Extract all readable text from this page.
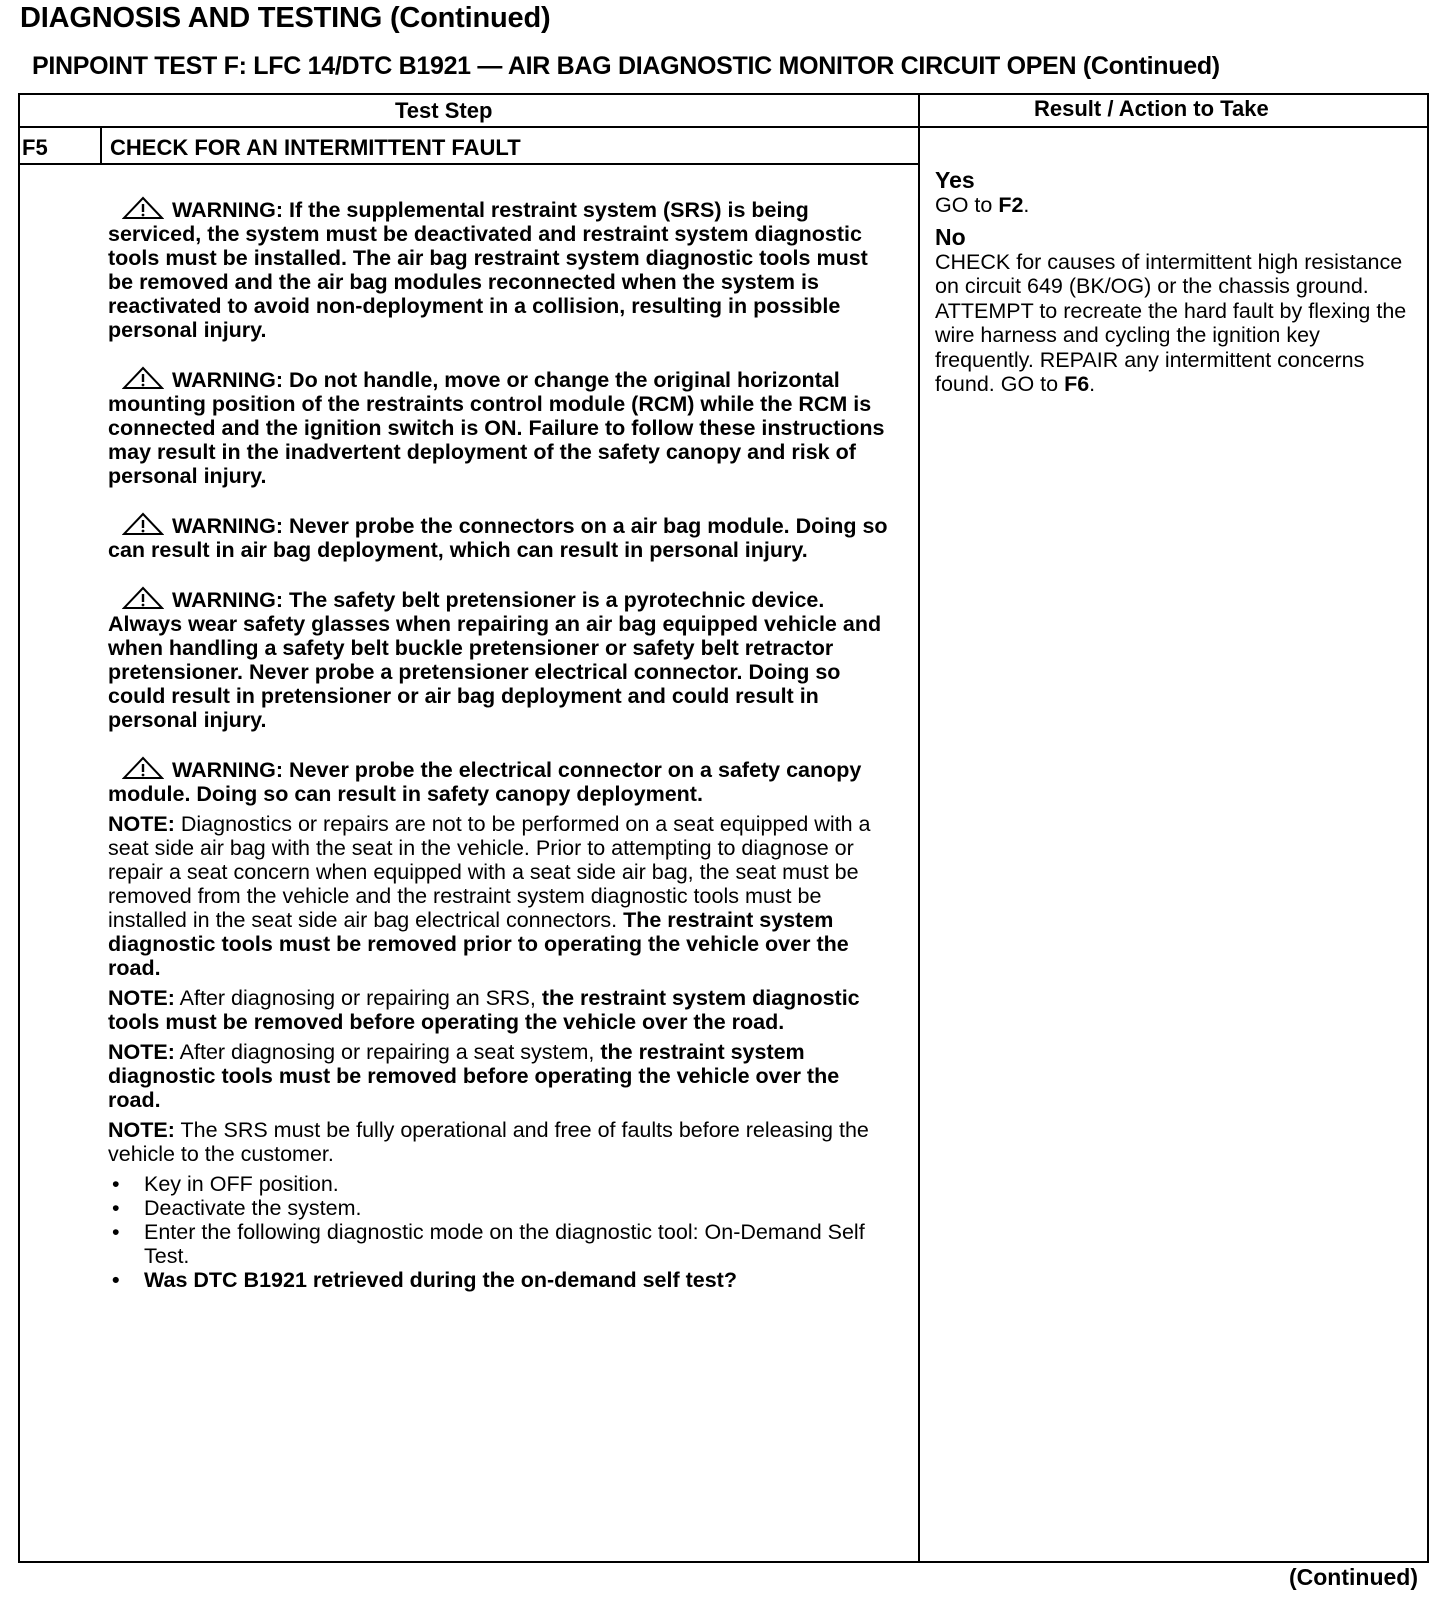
DIAGNOSIS AND TESTING (Continued)
PINPOINT TEST F: LFC 14/DTC B1921 — AIR BAG DIAGNOSTIC MONITOR CIRCUIT OPEN (Continued)
Test Step	Result / Action to Take
F5	CHECK FOR AN INTERMITTENT FAULT
WARNING: If the supplemental restraint system (SRS) is being serviced, the system must be deactivated and restraint system diagnostic tools must be installed. The air bag restraint system diagnostic tools must be removed and the air bag modules reconnected when the system is reactivated to avoid non-deployment in a collision, resulting in possible personal injury.
WARNING: Do not handle, move or change the original horizontal mounting position of the restraints control module (RCM) while the RCM is connected and the ignition switch is ON. Failure to follow these instructions may result in the inadvertent deployment of the safety canopy and risk of personal injury.
WARNING: Never probe the connectors on a air bag module. Doing so can result in air bag deployment, which can result in personal injury.
WARNING: The safety belt pretensioner is a pyrotechnic device. Always wear safety glasses when repairing an air bag equipped vehicle and when handling a safety belt buckle pretensioner or safety belt retractor pretensioner. Never probe a pretensioner electrical connector. Doing so could result in pretensioner or air bag deployment and could result in personal injury.
WARNING: Never probe the electrical connector on a safety canopy module. Doing so can result in safety canopy deployment.
NOTE: Diagnostics or repairs are not to be performed on a seat equipped with a seat side air bag with the seat in the vehicle. Prior to attempting to diagnose or repair a seat concern when equipped with a seat side air bag, the seat must be removed from the vehicle and the restraint system diagnostic tools must be installed in the seat side air bag electrical connectors. The restraint system diagnostic tools must be removed prior to operating the vehicle over the road.
NOTE: After diagnosing or repairing an SRS, the restraint system diagnostic tools must be removed before operating the vehicle over the road.
NOTE: After diagnosing or repairing a seat system, the restraint system diagnostic tools must be removed before operating the vehicle over the road.
NOTE: The SRS must be fully operational and free of faults before releasing the vehicle to the customer.
• Key in OFF position.
• Deactivate the system.
• Enter the following diagnostic mode on the diagnostic tool: On-Demand Self Test.
• Was DTC B1921 retrieved during the on-demand self test?
Yes
GO to F2.
No
CHECK for causes of intermittent high resistance on circuit 649 (BK/OG) or the chassis ground. ATTEMPT to recreate the hard fault by flexing the wire harness and cycling the ignition key frequently. REPAIR any intermittent concerns found. GO to F6.
(Continued)
